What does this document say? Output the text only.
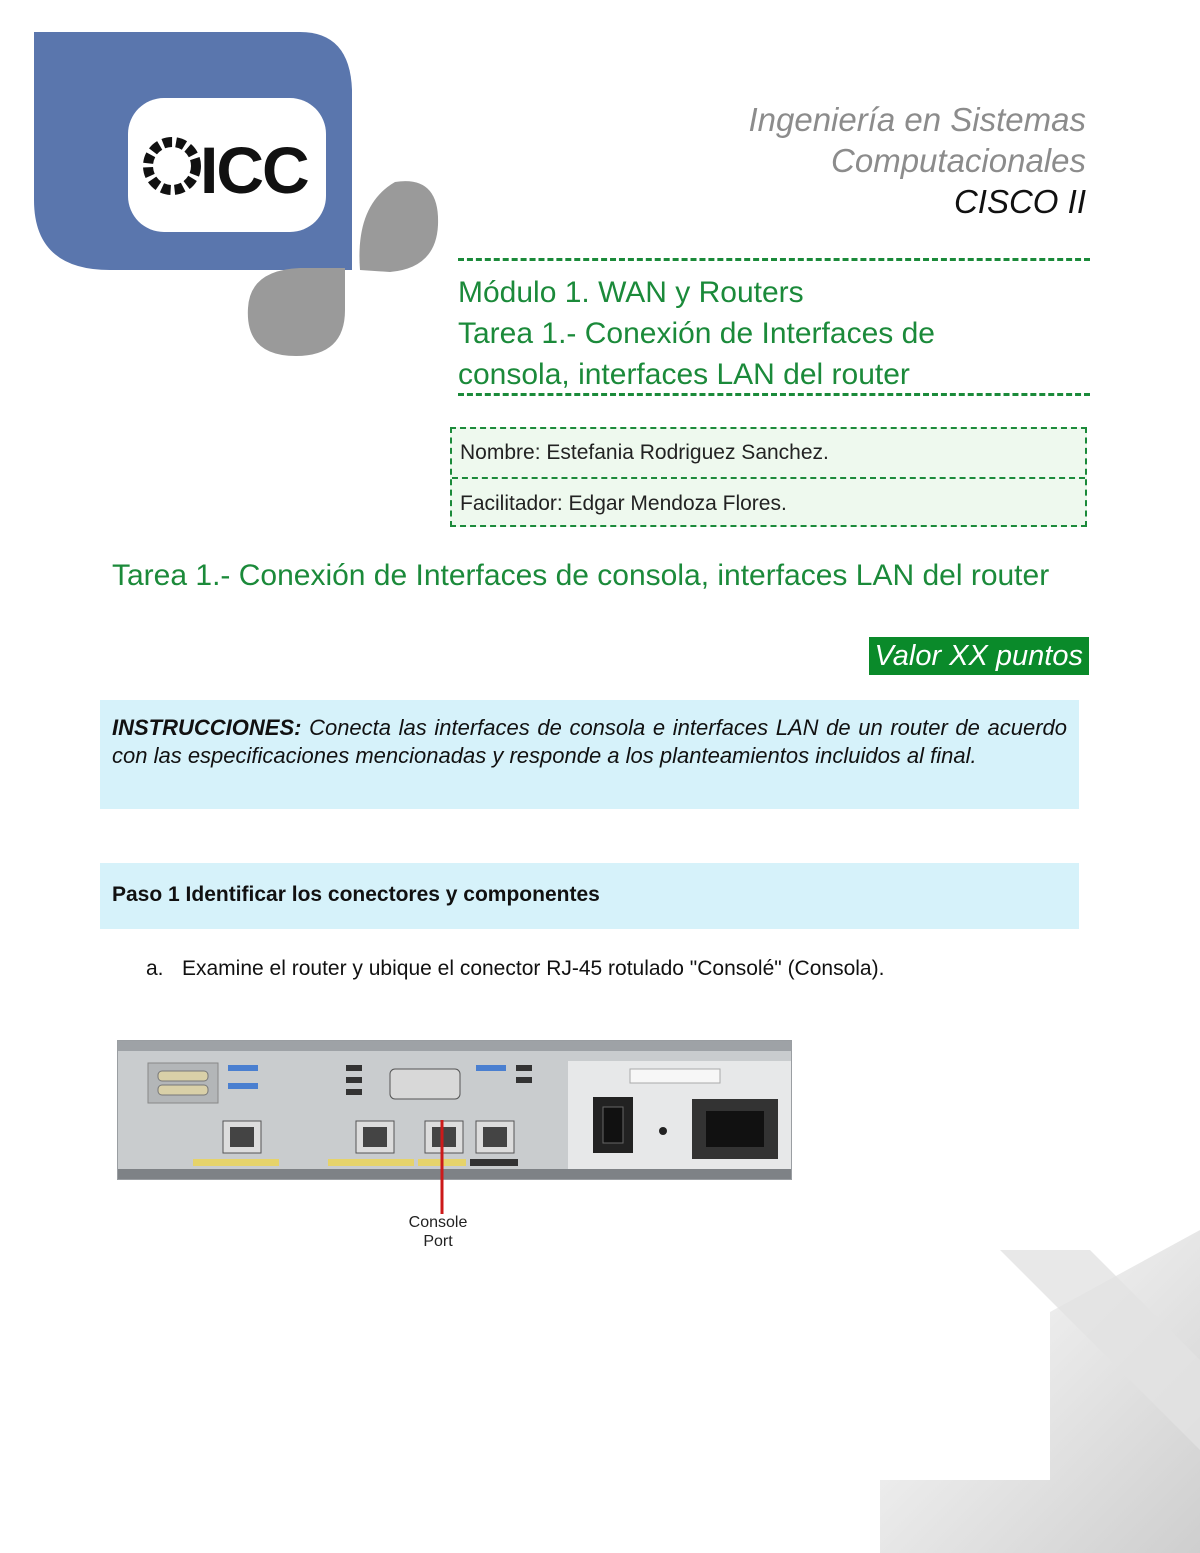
ICC
Ingeniería en Sistemas
Computacionales
CISCO II
Módulo 1. WAN y Routers
Tarea 1.- Conexión de Interfaces de
consola, interfaces LAN del router
Nombre: Estefania Rodriguez Sanchez.
Facilitador: Edgar Mendoza Flores.
Tarea 1.- Conexión de Interfaces de consola, interfaces LAN del router
Valor XX puntos
INSTRUCCIONES: Conecta las interfaces de consola e interfaces LAN de un router de acuerdo con las especificaciones mencionadas y responde a los planteamientos incluidos al final.
Paso 1 Identificar los conectores y componentes
a. Examine el router y ubique el conector RJ-45 rotulado "Consolé" (Consola).
Console
Port
